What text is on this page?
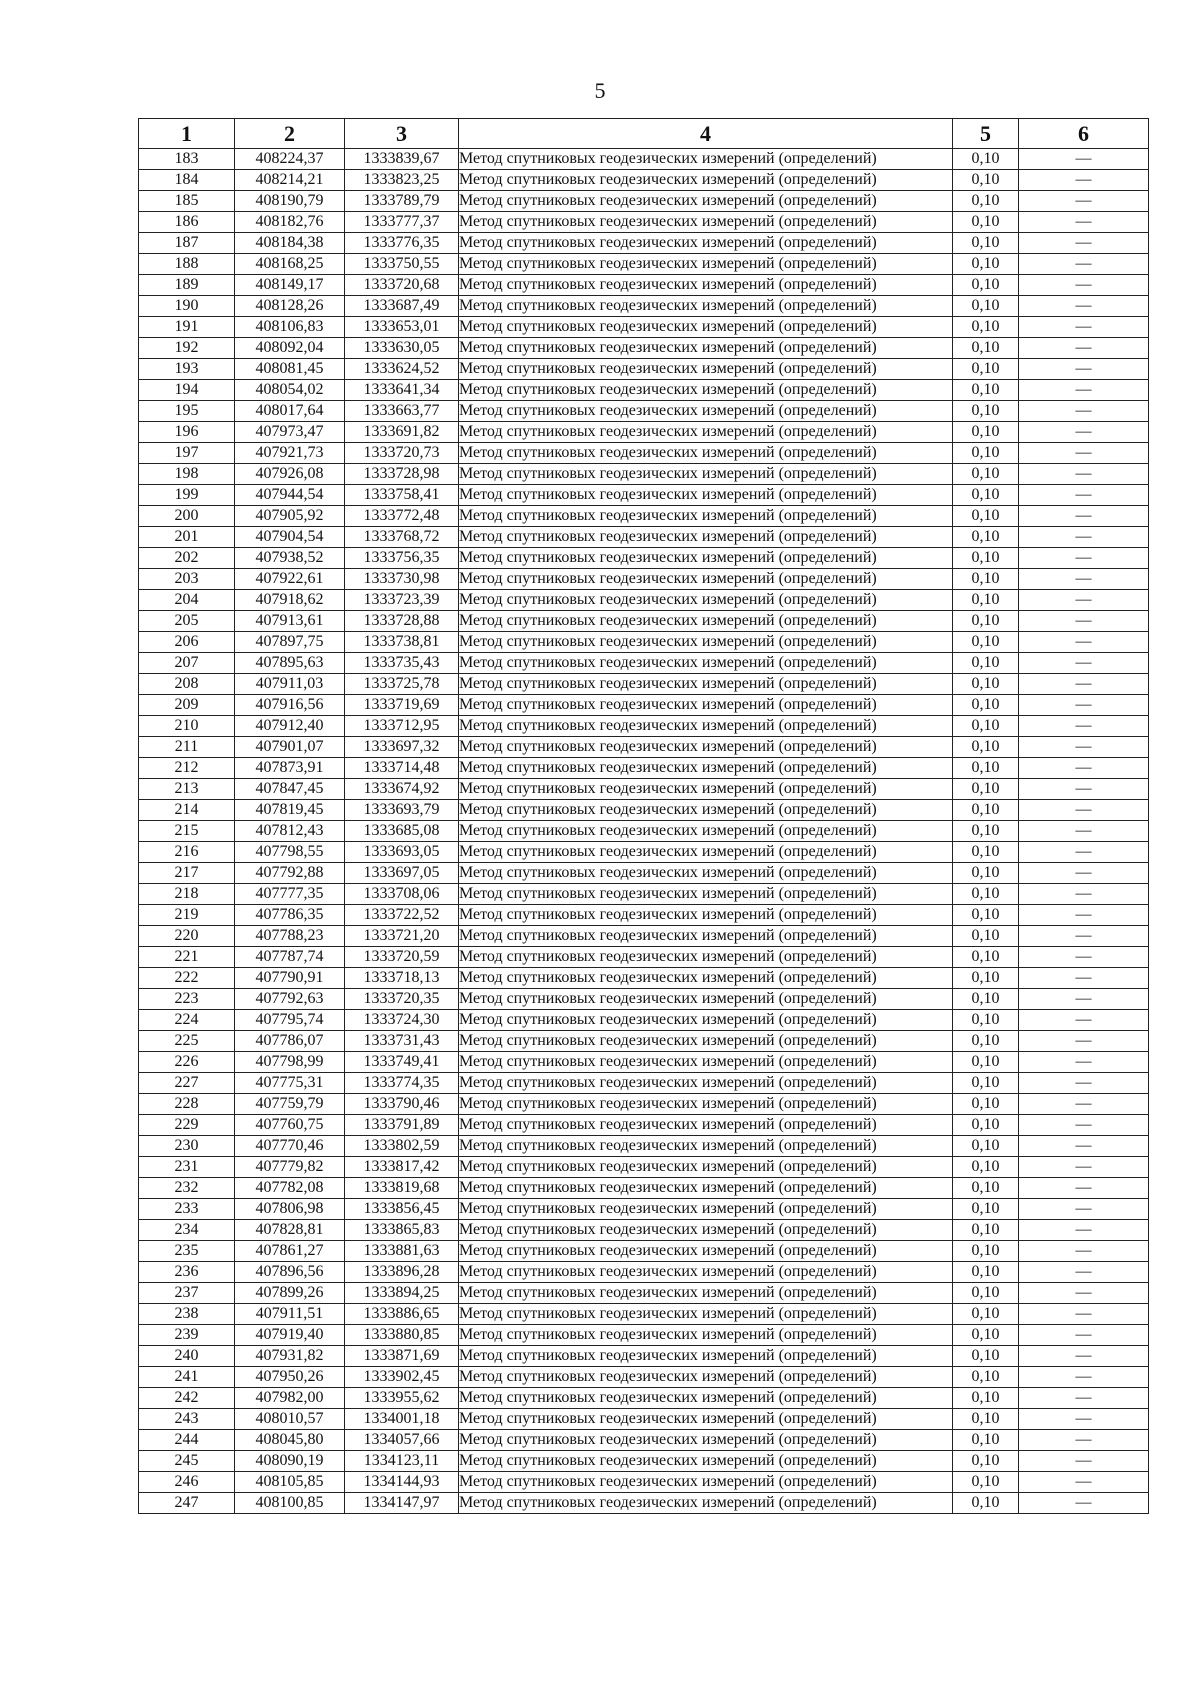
5
1	2	3	4	5	6
183	408224,37	1333839,67	Метод спутниковых геодезических измерений (определений)	0,10	—
184	408214,21	1333823,25	Метод спутниковых геодезических измерений (определений)	0,10	—
185	408190,79	1333789,79	Метод спутниковых геодезических измерений (определений)	0,10	—
186	408182,76	1333777,37	Метод спутниковых геодезических измерений (определений)	0,10	—
187	408184,38	1333776,35	Метод спутниковых геодезических измерений (определений)	0,10	—
188	408168,25	1333750,55	Метод спутниковых геодезических измерений (определений)	0,10	—
189	408149,17	1333720,68	Метод спутниковых геодезических измерений (определений)	0,10	—
190	408128,26	1333687,49	Метод спутниковых геодезических измерений (определений)	0,10	—
191	408106,83	1333653,01	Метод спутниковых геодезических измерений (определений)	0,10	—
192	408092,04	1333630,05	Метод спутниковых геодезических измерений (определений)	0,10	—
193	408081,45	1333624,52	Метод спутниковых геодезических измерений (определений)	0,10	—
194	408054,02	1333641,34	Метод спутниковых геодезических измерений (определений)	0,10	—
195	408017,64	1333663,77	Метод спутниковых геодезических измерений (определений)	0,10	—
196	407973,47	1333691,82	Метод спутниковых геодезических измерений (определений)	0,10	—
197	407921,73	1333720,73	Метод спутниковых геодезических измерений (определений)	0,10	—
198	407926,08	1333728,98	Метод спутниковых геодезических измерений (определений)	0,10	—
199	407944,54	1333758,41	Метод спутниковых геодезических измерений (определений)	0,10	—
200	407905,92	1333772,48	Метод спутниковых геодезических измерений (определений)	0,10	—
201	407904,54	1333768,72	Метод спутниковых геодезических измерений (определений)	0,10	—
202	407938,52	1333756,35	Метод спутниковых геодезических измерений (определений)	0,10	—
203	407922,61	1333730,98	Метод спутниковых геодезических измерений (определений)	0,10	—
204	407918,62	1333723,39	Метод спутниковых геодезических измерений (определений)	0,10	—
205	407913,61	1333728,88	Метод спутниковых геодезических измерений (определений)	0,10	—
206	407897,75	1333738,81	Метод спутниковых геодезических измерений (определений)	0,10	—
207	407895,63	1333735,43	Метод спутниковых геодезических измерений (определений)	0,10	—
208	407911,03	1333725,78	Метод спутниковых геодезических измерений (определений)	0,10	—
209	407916,56	1333719,69	Метод спутниковых геодезических измерений (определений)	0,10	—
210	407912,40	1333712,95	Метод спутниковых геодезических измерений (определений)	0,10	—
211	407901,07	1333697,32	Метод спутниковых геодезических измерений (определений)	0,10	—
212	407873,91	1333714,48	Метод спутниковых геодезических измерений (определений)	0,10	—
213	407847,45	1333674,92	Метод спутниковых геодезических измерений (определений)	0,10	—
214	407819,45	1333693,79	Метод спутниковых геодезических измерений (определений)	0,10	—
215	407812,43	1333685,08	Метод спутниковых геодезических измерений (определений)	0,10	—
216	407798,55	1333693,05	Метод спутниковых геодезических измерений (определений)	0,10	—
217	407792,88	1333697,05	Метод спутниковых геодезических измерений (определений)	0,10	—
218	407777,35	1333708,06	Метод спутниковых геодезических измерений (определений)	0,10	—
219	407786,35	1333722,52	Метод спутниковых геодезических измерений (определений)	0,10	—
220	407788,23	1333721,20	Метод спутниковых геодезических измерений (определений)	0,10	—
221	407787,74	1333720,59	Метод спутниковых геодезических измерений (определений)	0,10	—
222	407790,91	1333718,13	Метод спутниковых геодезических измерений (определений)	0,10	—
223	407792,63	1333720,35	Метод спутниковых геодезических измерений (определений)	0,10	—
224	407795,74	1333724,30	Метод спутниковых геодезических измерений (определений)	0,10	—
225	407786,07	1333731,43	Метод спутниковых геодезических измерений (определений)	0,10	—
226	407798,99	1333749,41	Метод спутниковых геодезических измерений (определений)	0,10	—
227	407775,31	1333774,35	Метод спутниковых геодезических измерений (определений)	0,10	—
228	407759,79	1333790,46	Метод спутниковых геодезических измерений (определений)	0,10	—
229	407760,75	1333791,89	Метод спутниковых геодезических измерений (определений)	0,10	—
230	407770,46	1333802,59	Метод спутниковых геодезических измерений (определений)	0,10	—
231	407779,82	1333817,42	Метод спутниковых геодезических измерений (определений)	0,10	—
232	407782,08	1333819,68	Метод спутниковых геодезических измерений (определений)	0,10	—
233	407806,98	1333856,45	Метод спутниковых геодезических измерений (определений)	0,10	—
234	407828,81	1333865,83	Метод спутниковых геодезических измерений (определений)	0,10	—
235	407861,27	1333881,63	Метод спутниковых геодезических измерений (определений)	0,10	—
236	407896,56	1333896,28	Метод спутниковых геодезических измерений (определений)	0,10	—
237	407899,26	1333894,25	Метод спутниковых геодезических измерений (определений)	0,10	—
238	407911,51	1333886,65	Метод спутниковых геодезических измерений (определений)	0,10	—
239	407919,40	1333880,85	Метод спутниковых геодезических измерений (определений)	0,10	—
240	407931,82	1333871,69	Метод спутниковых геодезических измерений (определений)	0,10	—
241	407950,26	1333902,45	Метод спутниковых геодезических измерений (определений)	0,10	—
242	407982,00	1333955,62	Метод спутниковых геодезических измерений (определений)	0,10	—
243	408010,57	1334001,18	Метод спутниковых геодезических измерений (определений)	0,10	—
244	408045,80	1334057,66	Метод спутниковых геодезических измерений (определений)	0,10	—
245	408090,19	1334123,11	Метод спутниковых геодезических измерений (определений)	0,10	—
246	408105,85	1334144,93	Метод спутниковых геодезических измерений (определений)	0,10	—
247	408100,85	1334147,97	Метод спутниковых геодезических измерений (определений)	0,10	—
